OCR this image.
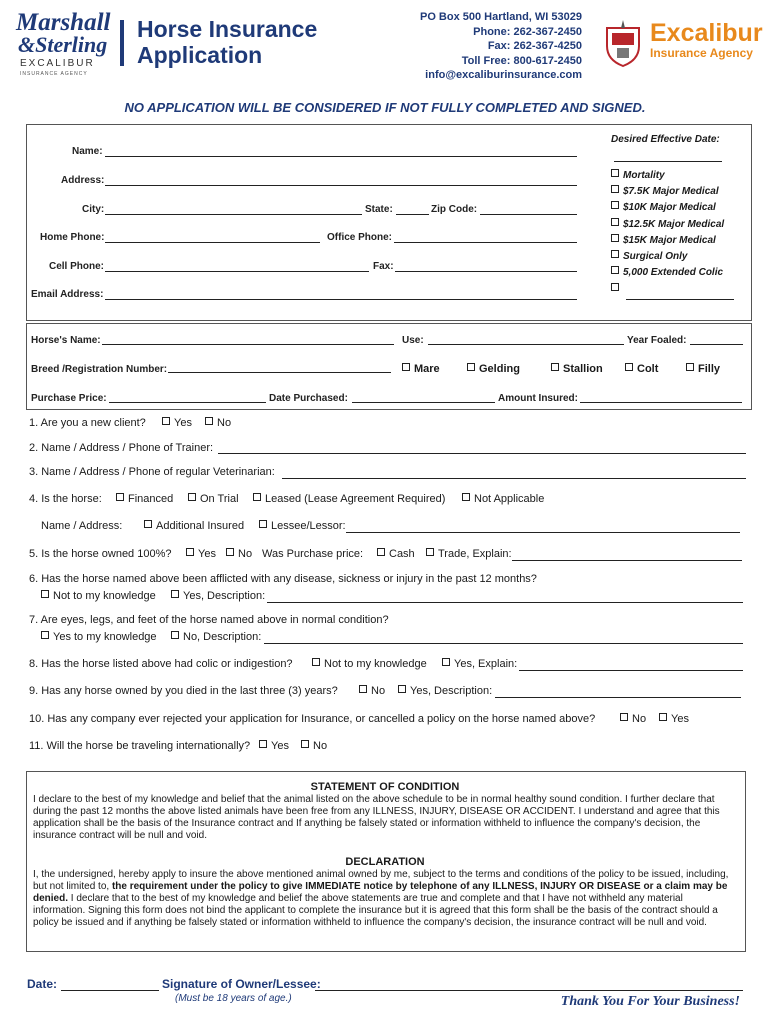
Marshall
&Sterling
EXCALIBUR
INSURANCE AGENCY
Horse Insurance
Application
PO Box 500 Hartland, WI 53029
Phone: 262-367-2450
Fax: 262-367-4250
Toll Free: 800-617-2450
info@excaliburinsurance.com
Excalibur
Insurance Agency
NO APPLICATION WILL BE CONSIDERED IF NOT FULLY COMPLETED AND SIGNED.
Name:
Address:
City:	State:	Zip Code:
Home Phone:	Office Phone:
Cell Phone:	Fax:
Email Address:
Desired Effective Date:
Mortality
$7.5K Major Medical
$10K Major Medical
$12.5K Major Medical
$15K Major Medical
Surgical Only
5,000 Extended Colic
Horse's Name:	Use:	Year Foaled:
Breed /Registration Number:	Mare	Gelding	Stallion	Colt	Filly
Purchase Price:	Date Purchased:	Amount Insured:
1. Are you a new client?	Yes	No
2. Name / Address / Phone of Trainer:
3. Name / Address / Phone of regular Veterinarian:
4. Is the horse:	Financed	On Trial	Leased (Lease Agreement Required)	Not Applicable
Name / Address:	Additional Insured	Lessee/Lessor:
5. Is the horse owned 100%?	Yes	No Was Purchase price:	Cash	Trade, Explain:
6. Has the horse named above been afflicted with any disease, sickness or injury in the past 12 months?
Not to my knowledge	Yes, Description:
7. Are eyes, legs, and feet of the horse named above in normal condition?
Yes to my knowledge	No, Description:
8. Has the horse listed above had colic or indigestion?	Not to my knowledge	Yes, Explain:
9. Has any horse owned by you died in the last three (3) years?	No	Yes, Description:
10. Has any company ever rejected your application for Insurance, or cancelled a policy on the horse named above?	No	Yes
11. Will the horse be traveling internationally?	Yes	No
STATEMENT OF CONDITION
I declare to the best of my knowledge and belief that the animal listed on the above schedule to be in normal healthy sound condition. I further declare that during the past 12 months the above listed animals have been free from any ILLNESS, INJURY, DISEASE OR ACCIDENT. I understand and agree that this application shall be the basis of the Insurance contract and If anything be falsely stated or information withheld to influence the company's decision, the insurance contract will be null and void.
DECLARATION
I, the undersigned, hereby apply to insure the above mentioned animal owned by me, subject to the terms and conditions of the policy to be issued, including, but not limited to, the requirement under the policy to give IMMEDIATE notice by telephone of any ILLNESS, INJURY OR DISEASE or a claim may be denied. I declare that to the best of my knowledge and belief the above statements are true and complete and that I have not withheld any material information. Signing this form does not bind the applicant to complete the insurance but it is agreed that this form shall be the basis of the contract should a policy be issued and if anything be falsely stated or information withheld to influence the company's decision, the insurance contract will be null and void.
Date:	Signature of Owner/Lessee:
(Must be 18 years of age.)	Thank You For Your Business!
